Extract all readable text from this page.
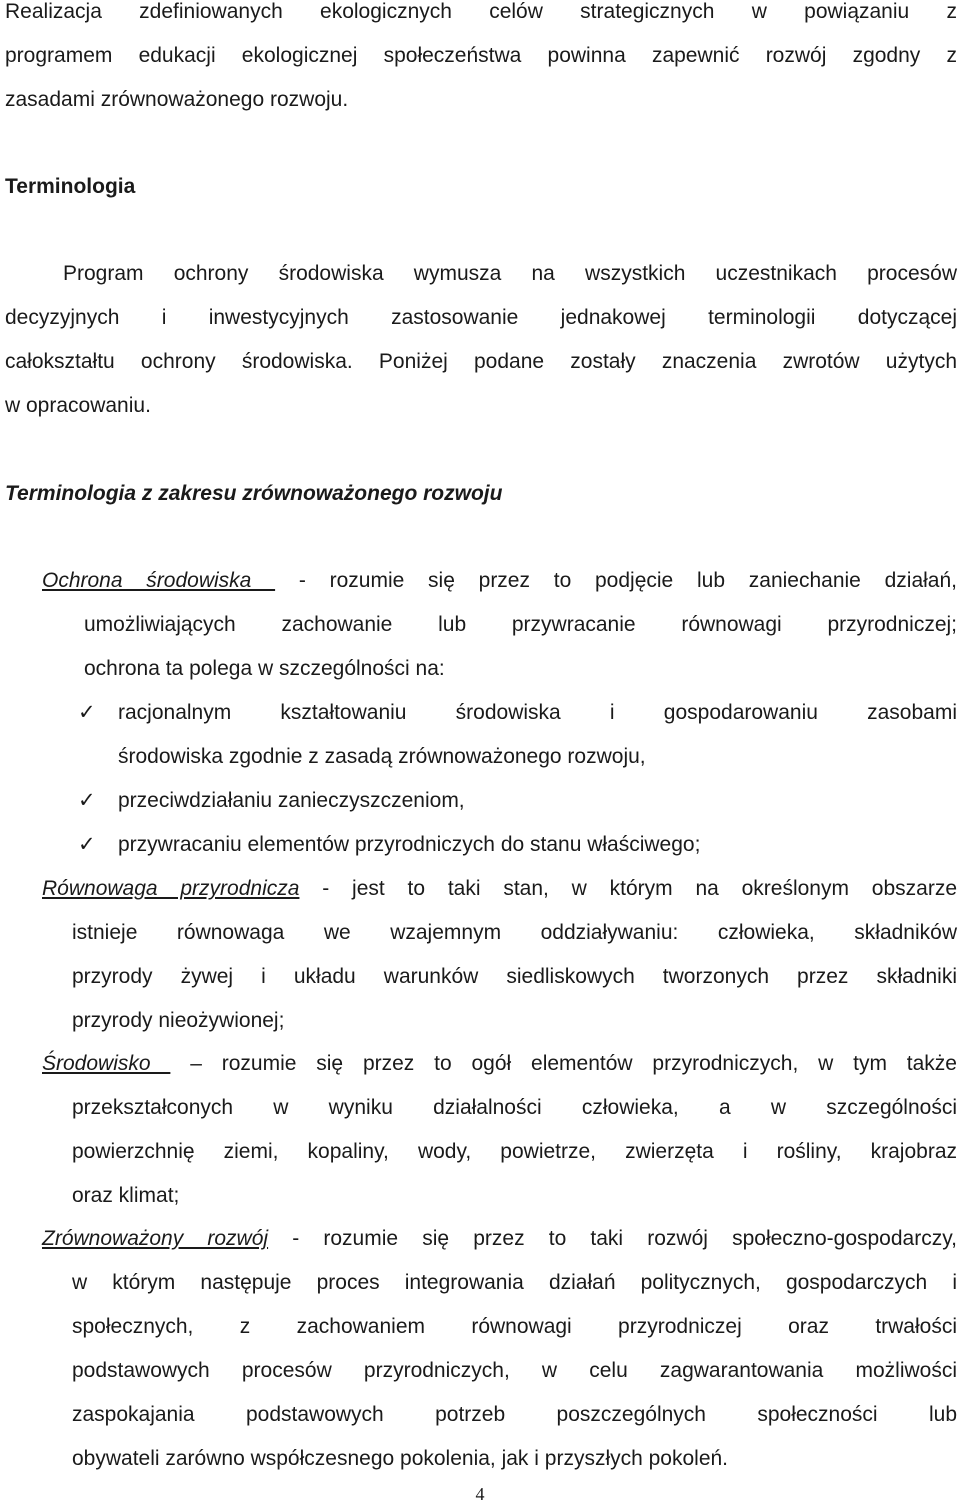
Realizacja zdefiniowanych ekologicznych celów strategicznych w powiązaniu z
programem edukacji ekologicznej społeczeństwa powinna zapewnić rozwój zgodny z
zasadami zrównoważonego rozwoju.
Terminologia
Program ochrony środowiska wymusza na wszystkich uczestnikach procesów
decyzyjnych i inwestycyjnych zastosowanie jednakowej terminologii dotyczącej
całokształtu ochrony środowiska. Poniżej podane zostały znaczenia zwrotów użytych
w opracowaniu.
Terminologia z zakresu zrównoważonego rozwoju
Ochrona środowiska  - rozumie się przez to podjęcie lub zaniechanie działań,
umożliwiających zachowanie lub przywracanie równowagi przyrodniczej;
ochrona ta polega w szczególności na:
✓ racjonalnym kształtowaniu środowiska i gospodarowaniu zasobami
środowiska zgodnie z zasadą zrównoważonego rozwoju,
✓ przeciwdziałaniu zanieczyszczeniom,
✓ przywracaniu elementów przyrodniczych do stanu właściwego;
Równowaga przyrodnicza - jest to taki stan, w którym na określonym obszarze
istnieje równowaga we wzajemnym oddziaływaniu: człowieka, składników
przyrody żywej i układu warunków siedliskowych tworzonych przez składniki
przyrody nieożywionej;
Środowisko  – rozumie się przez to ogół elementów przyrodniczych, w tym także
przekształconych w wyniku działalności człowieka, a w szczególności
powierzchnię ziemi, kopaliny, wody, powietrze, zwierzęta i rośliny, krajobraz
oraz klimat;
Zrównoważony rozwój - rozumie się przez to taki rozwój społeczno-gospodarczy,
w którym następuje proces integrowania działań politycznych, gospodarczych i
społecznych, z zachowaniem równowagi przyrodniczej oraz trwałości
podstawowych procesów przyrodniczych, w celu zagwarantowania możliwości
zaspokajania podstawowych potrzeb poszczególnych społeczności lub
obywateli zarówno współczesnego pokolenia, jak i przyszłych pokoleń.
4
